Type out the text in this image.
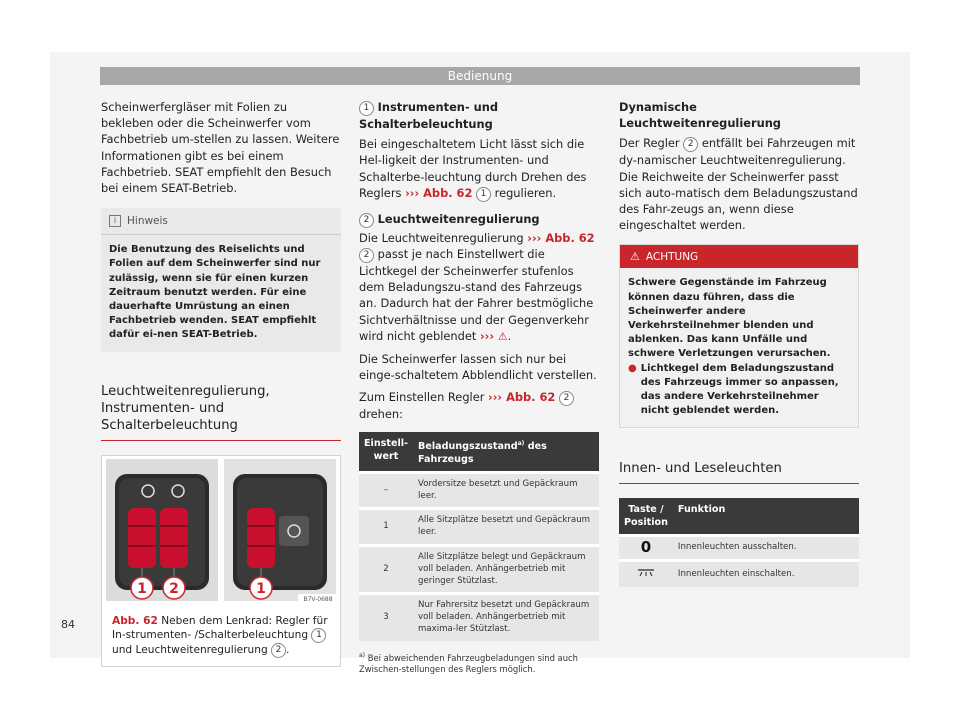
Bedienung

Scheinwerfergläser mit Folien zu bekleben oder die Scheinwerfer vom Fachbetrieb um-stellen zu lassen. Weitere Informationen gibt es bei einem Fachbetrieb. SEAT empfiehlt den Besuch bei einem SEAT-Betrieb.

i	Hinweis
Die Benutzung des Reiselichts und Folien auf dem Scheinwerfer sind nur zulässig, wenn sie für einen kurzen Zeitraum benutzt werden. Für eine dauerhafte Umrüstung an einen Fachbetrieb wenden. SEAT empfiehlt dafür ei-nen SEAT-Betrieb.
Leuchtweitenregulierung,
Instrumenten- und
Schalterbeleuchtung
1 2	1
B7V-0688
Abb. 62 Neben dem Lenkrad: Regler für In-strumenten- /Schalterbeleuchtung 1 und Leuchtweitenregulierung 2 .

1 Instrumenten- und Schalterbeleuchtung

Bei eingeschaltetem Licht lässt sich die Hel-ligkeit der Instrumenten- und Schalterbe-leuchtung durch Drehen des Reglers ››› Abb. 62 1 regulieren.

2 Leuchtweitenregulierung

Die Leuchtweitenregulierung ››› Abb. 62 2 passt je nach Einstellwert die Lichtkegel der Scheinwerfer stufenlos dem Beladungszu-stand des Fahrzeugs an. Dadurch hat der Fahrer bestmögliche Sichtverhältnisse und der Gegenverkehr wird nicht geblendet ››› ⚠.

Die Scheinwerfer lassen sich nur bei einge-schaltetem Abblendlicht verstellen.

Zum Einstellen Regler ››› Abb. 62 2 drehen:

Einstell-wert	Beladungszustand$^{a)}$ des Fahrzeugs
–	Vordersitze besetzt und Gepäckraum leer.
1	Alle Sitzplätze besetzt und Gepäckraum leer.
2	Alle Sitzplätze belegt und Gepäckraum voll beladen. Anhängerbetrieb mit geringer Stützlast.
3	Nur Fahrersitz besetzt und Gepäckraum voll beladen. Anhängerbetrieb mit maxima-ler Stützlast.

$^{a)}$ Bei abweichenden Fahrzeugbeladungen sind auch Zwischen-stellungen des Reglers möglich.

Dynamische Leuchtweitenregulierung

Der Regler 2 entfällt bei Fahrzeugen mit dy-namischer Leuchtweitenregulierung. Die Reichweite der Scheinwerfer passt sich auto-matisch dem Beladungszustand des Fahr-zeugs an, wenn diese eingeschaltet werden.

⚠ ACHTUNG
Schwere Gegenstände im Fahrzeug können dazu führen, dass die Scheinwerfer andere Verkehrsteilnehmer blenden und ablenken. Das kann Unfälle und schwere Verletzungen verursachen.
● Lichtkegel dem Beladungszustand des Fahrzeugs immer so anpassen, das andere Verkehrsteilnehmer nicht geblendet werden.
Innen- und Leseleuchten
Taste / Position	Funktion
0	Innenleuchten ausschalten.
	Innenleuchten einschalten.
84
